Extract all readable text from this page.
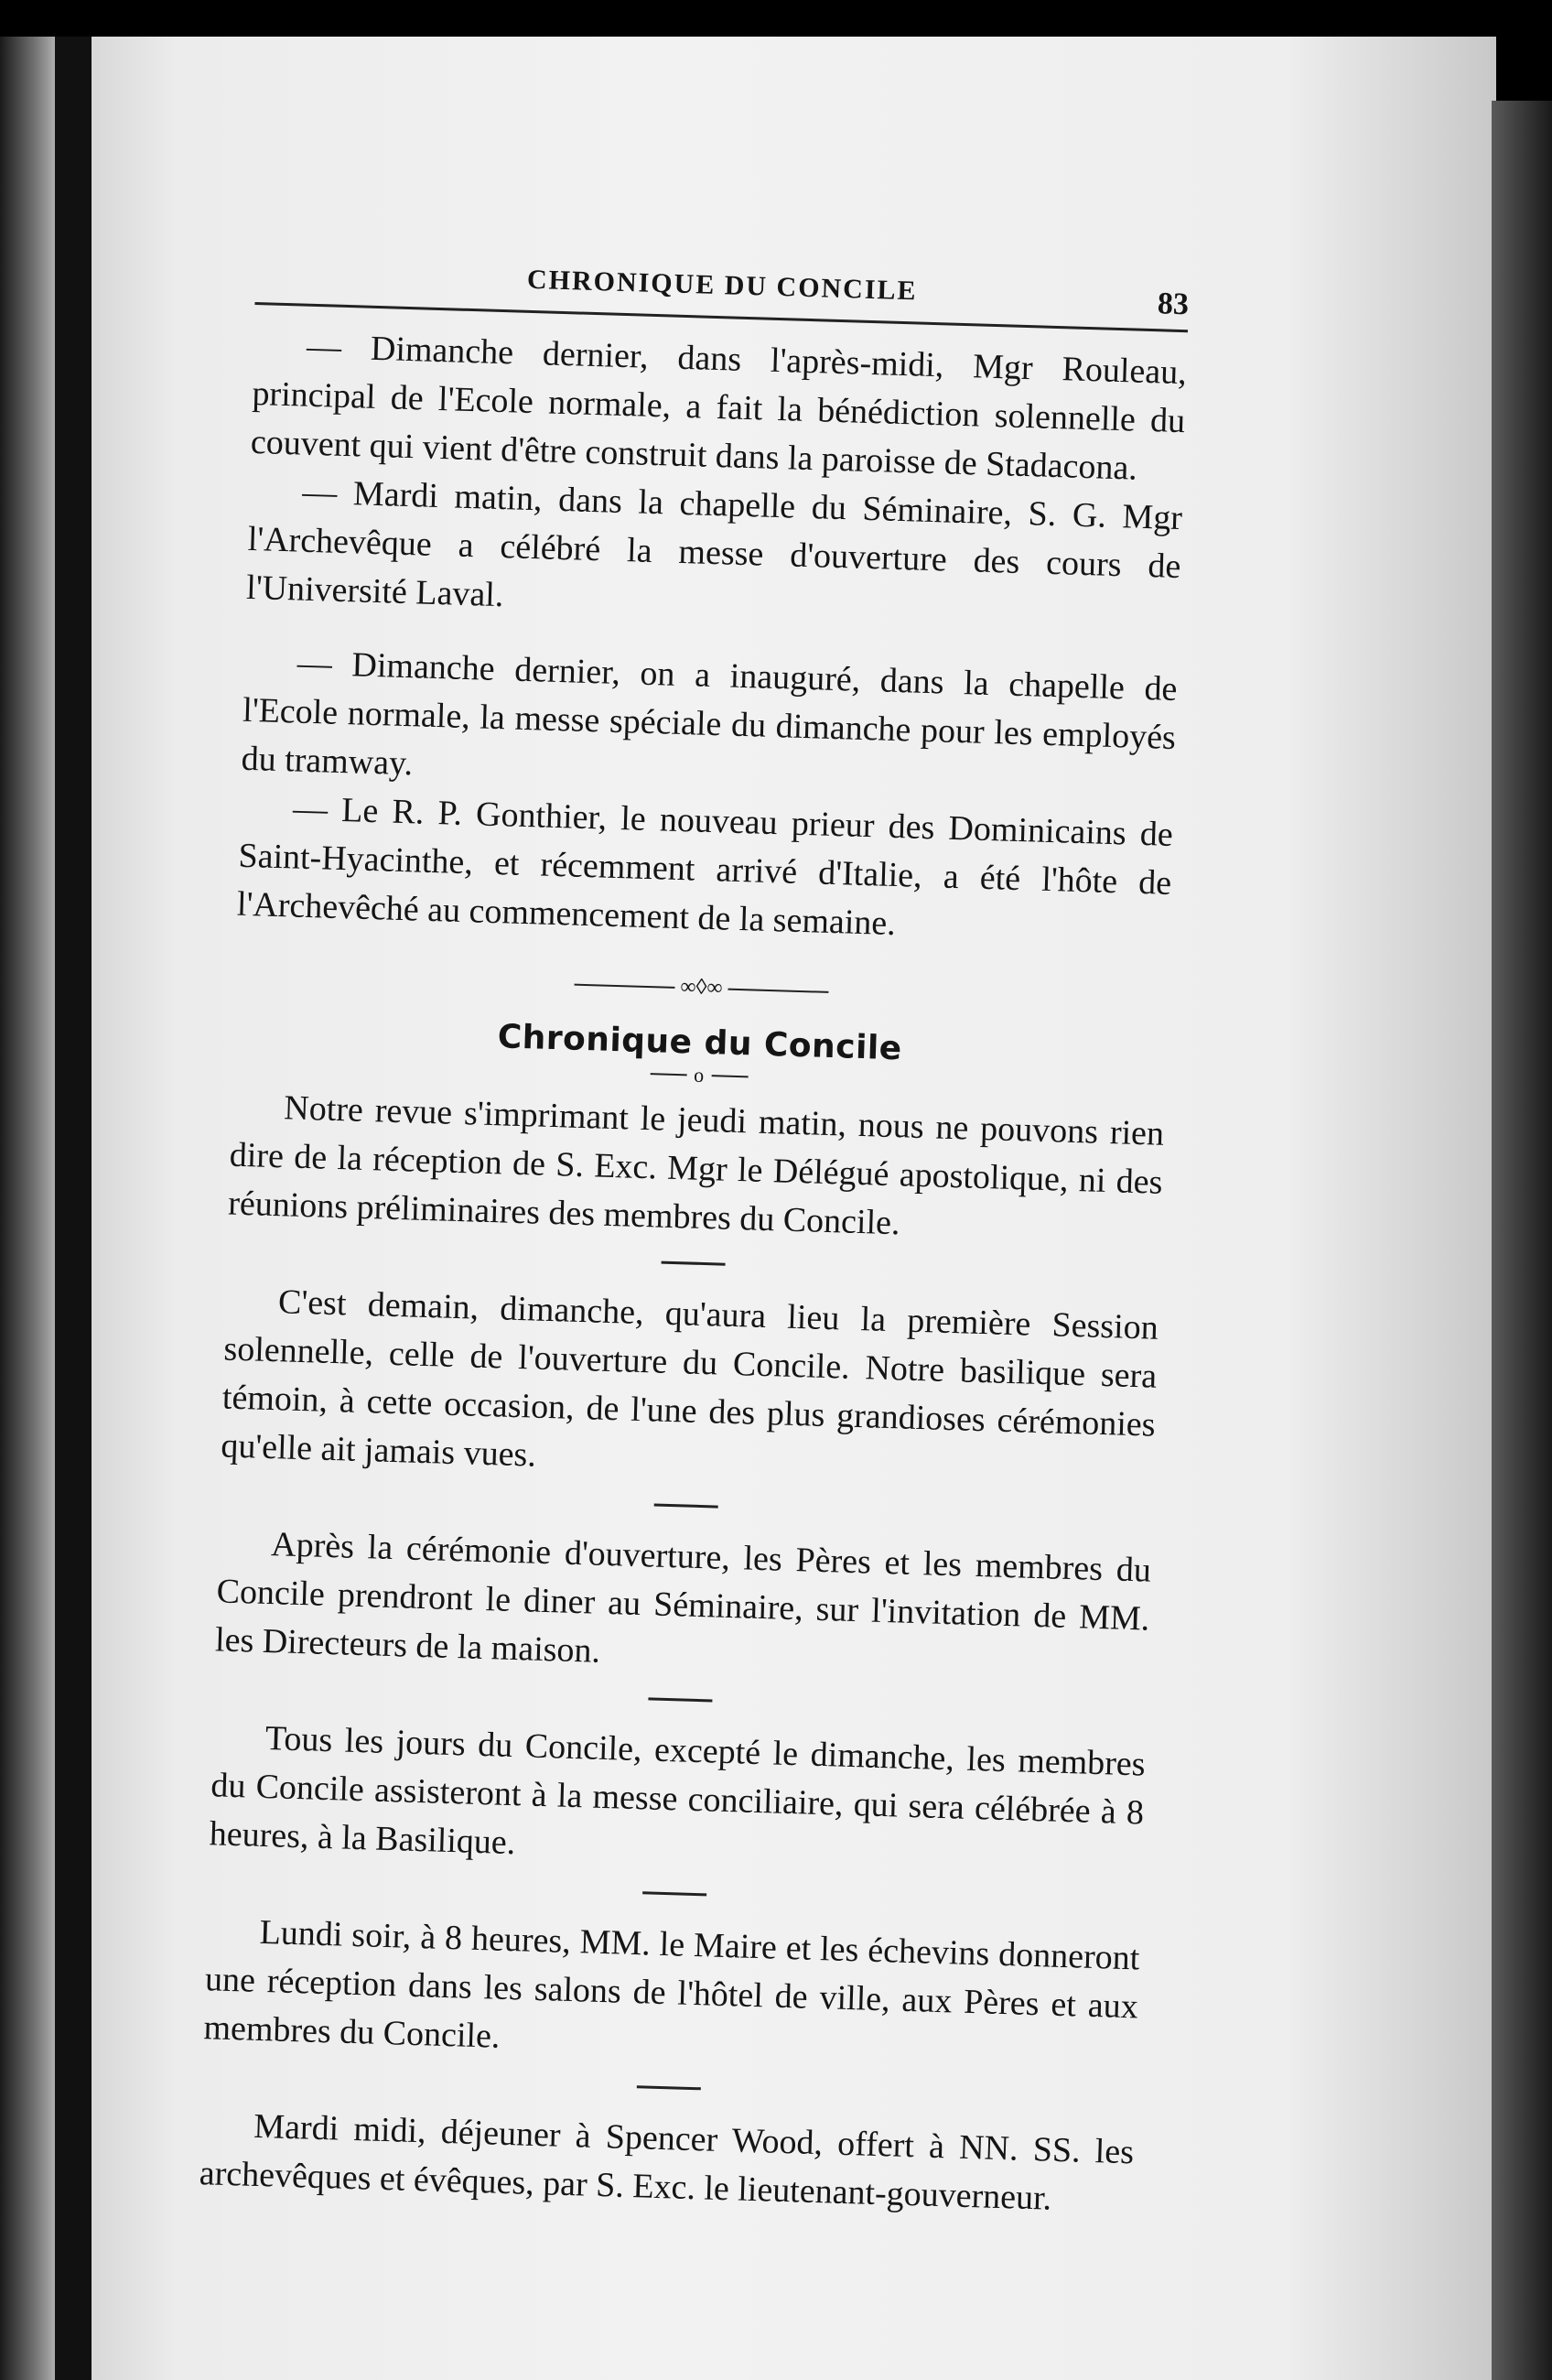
CHRONIQUE DU CONCILE	83

— Dimanche dernier, dans l'après-midi, Mgr Rouleau, principal de l'Ecole normale, a fait la bénédiction solennelle du couvent qui vient d'être construit dans la paroisse de Stadacona.

— Mardi matin, dans la chapelle du Séminaire, S. G. Mgr l'Archevêque a célébré la messe d'ouverture des cours de l'Université Laval.

— Dimanche dernier, on a inauguré, dans la chapelle de l'Ecole normale, la messe spéciale du dimanche pour les employés du tramway.

— Le R. P. Gonthier, le nouveau prieur des Dominicains de Saint-Hyacinthe, et récemment arrivé d'Italie, a été l'hôte de l'Archevêché au commencement de la semaine.

∞◊∞
Chronique du Concile
o

Notre revue s'imprimant le jeudi matin, nous ne pouvons rien dire de la réception de S. Exc. Mgr le Délégué apostolique, ni des réunions préliminaires des membres du Concile.

C'est demain, dimanche, qu'aura lieu la première Session solennelle, celle de l'ouverture du Concile. Notre basilique sera témoin, à cette occasion, de l'une des plus grandioses cérémonies qu'elle ait jamais vues.

Après la cérémonie d'ouverture, les Pères et les membres du Concile prendront le diner au Séminaire, sur l'invitation de MM. les Directeurs de la maison.

Tous les jours du Concile, excepté le dimanche, les membres du Concile assisteront à la messe conciliaire, qui sera célébrée à 8 heures, à la Basilique.

Lundi soir, à 8 heures, MM. le Maire et les échevins donneront une réception dans les salons de l'hôtel de ville, aux Pères et aux membres du Concile.

Mardi midi, déjeuner à Spencer Wood, offert à NN. SS. les archevêques et évêques, par S. Exc. le lieutenant-gouverneur.
